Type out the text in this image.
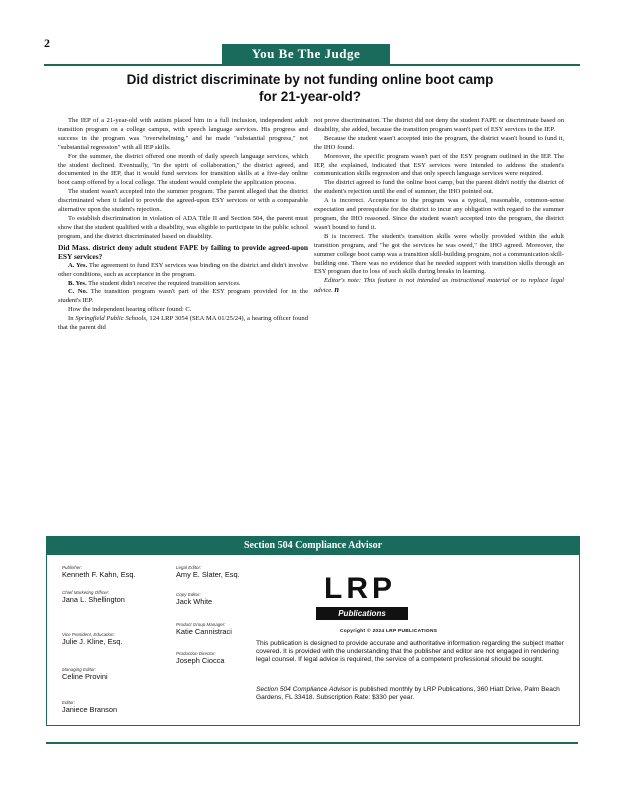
2
You Be The Judge
Did district discriminate by not funding online boot camp
for 21-year-old?

The IEP of a 21-year-old with autism placed him in a full inclusion, independent adult transition program on a college campus, with speech language services. His progress and success in the program was "overwhelming," and he made "substantial progress," not "substantial regression" with all IEP skills.

For the summer, the district offered one month of daily speech language services, which the student declined. Eventually, "in the spirit of collaboration," the district agreed, and documented in the IEP, that it would fund services for transition skills at a five-day online boot camp offered by a local college. The student would complete the application process.

The student wasn't accepted into the summer program. The parent alleged that the district discriminated when it failed to provide the agreed-upon ESY services or with a comparable alternative upon the student's rejection.

To establish discrimination in violation of ADA Title II and Section 504, the parent must show that the student qualified with a disability, was eligible to participate in the public school program, and the district discriminated based on disability.

Did Mass. district deny adult student FAPE by failing to provide agreed-upon ESY services?

A. Yes. The agreement to fund ESY services was binding on the district and didn't involve other conditions, such as acceptance in the program.

B. Yes. The student didn't receive the required transition services.

C. No. The transition program wasn't part of the ESY program provided for in the student's IEP.

How the independent hearing officer found: C.

In Springfield Public Schools, 124 LRP 3054 (SEA MA 01/25/24), a hearing officer found that the parent did

not prove discrimination. The district did not deny the student FAPE or discriminate based on disability, she added, because the transition program wasn't part of ESY services in the IEP.

Because the student wasn't accepted into the program, the district wasn't bound to fund it, the IHO found.

Moreover, the specific program wasn't part of the ESY program outlined in the IEP. The IEP, she explained, indicated that ESY services were intended to address the student's communication skills regression and that only speech language services were required.

The district agreed to fund the online boot camp, but the parent didn't notify the district of the student's rejection until the end of summer, the IHO pointed out.

A is incorrect. Acceptance to the program was a typical, reasonable, common-sense expectation and prerequisite for the district to incur any obligation with regard to the summer program, the IHO reasoned. Since the student wasn't accepted into the program, the district wasn't bound to fund it.

B is incorrect. The student's transition skills were wholly provided within the adult transition program, and "he got the services he was owed," the IHO agreed. Moreover, the summer college boot camp was a transition skill-building program, not a communication skill-building one. There was no evidence that he needed support with transition skills through an ESY program due to loss of such skills during breaks in learning.

Editor's note: This feature is not intended as instructional material or to replace legal advice. n

Section 504 Compliance Advisor
Publisher:
Kenneth F. Kahn, Esq.
Chief Marketing Officer:
Jana L. Shellington
Vice President, Education:
Julie J. Kline, Esq.
Managing Editor:
Celine Provini
Editor:
Janiece Branson
Legal Editor:
Amy E. Slater, Esq.
Copy Editor:
Jack White
Product Group Manager:
Katie Cannistraci
Production Director:
Joseph Ciocca
LRP
Publications
Copyright © 2024 LRP PUBLICATIONS
This publication is designed to provide accurate and authoritative information regarding the subject matter covered. It is provided with the understanding that the publisher and editor are not engaged in rendering legal counsel. If legal advice is required, the service of a competent professional should be sought.
Section 504 Compliance Advisor is published monthly by LRP Publications, 360 Hiatt Drive, Palm Beach Gardens, FL 33418. Subscription Rate: $330 per year.
